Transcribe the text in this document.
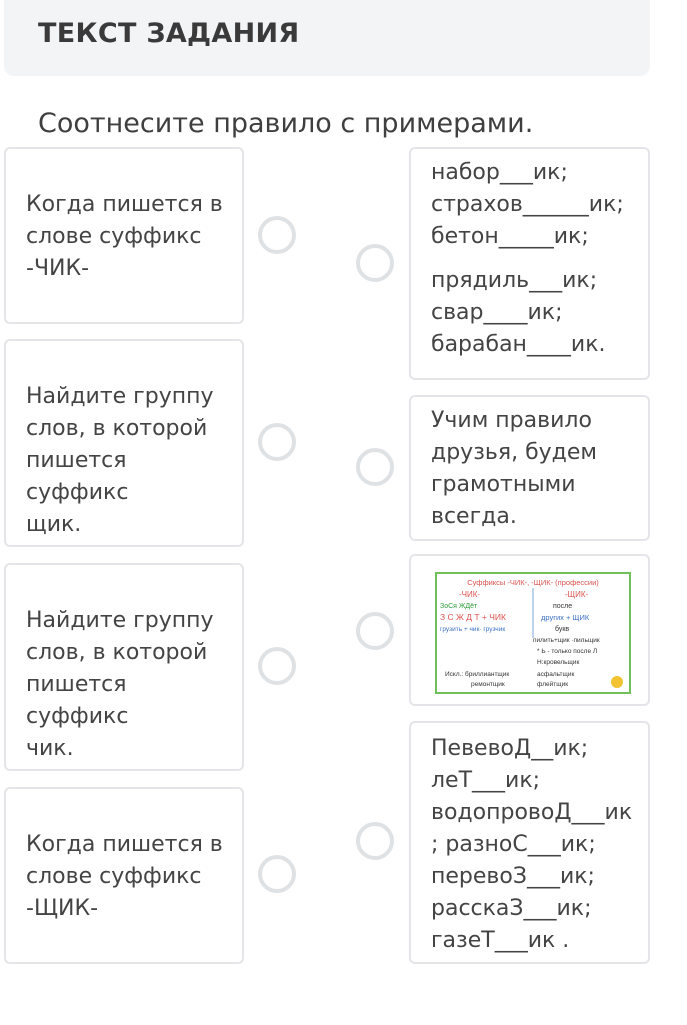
ТЕКСТ ЗАДАНИЯ
Соотнесите правило с примерами.
Когда пишется в
слове суффикс
-ЧИК-
Найдите группу
слов, в которой
пишется суффикс
щик.
Найдите группу
слов, в которой
пишется суффикс
чик.
Когда пишется в
слове суффикс
-ЩИК-
набор___ик;
страхов______ик;
бетон_____ик;
прядиль___ик;
свар____ик;
барабан____ик.
Учим правило
друзья, будем
грамотными
всегда.
Суффиксы -ЧИК-, -ЩИК- (профессии)
-ЧИК-	-ЩИК-
ЗоСя ЖДёт
З С Ж Д Т + ЧИК
грузить + чик· грузчик
после
других + ЩИК
букв
пилить+щик ·пильщик
* Ь - только после Л
Н:кровельщик
Искл.: бриллиантщик	асфальтщик
ремонтщик	флейтщик
ПевевоД__ик;
леТ___ик;
водопровоД___ик
; разноС___ик;
перевоЗ___ик;
расскаЗ___ик;
газеТ___ик .
